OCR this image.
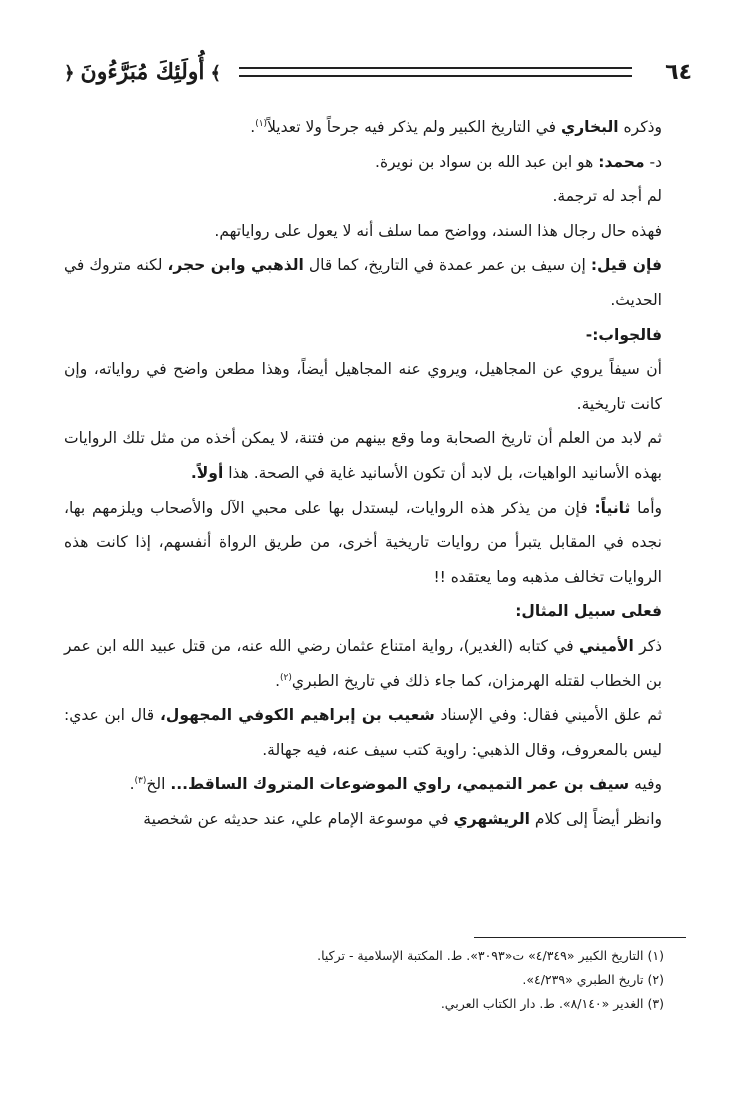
٦٤
﴿ أُولَئِكَ مُبَرَّءُونَ ﴾

وذكره البخاري في التاريخ الكبير ولم يذكر فيه جرحاً ولا تعديلاً$^{(١)}$.

د- محمد: هو ابن عبد الله بن سواد بن نويرة.

لم أجد له ترجمة.

فهذه حال رجال هذا السند، وواضح مما سلف أنه لا يعول على رواياتهم.

فإن قيل: إن سيف بن عمر عمدة في التاريخ، كما قال الذهبي وابن حجر، لكنه متروك في الحديث.

فالجواب:-

أن سيفاً يروي عن المجاهيل، ويروي عنه المجاهيل أيضاً، وهذا مطعن واضح في رواياته، وإن كانت تاريخية.

ثم لابد من العلم أن تاريخ الصحابة وما وقع بينهم من فتنة، لا يمكن أخذه من مثل تلك الروايات بهذه الأسانيد الواهيات، بل لابد أن تكون الأسانيد غاية في الصحة. هذا أولاً.

وأما ثانياً: فإن من يذكر هذه الروايات، ليستدل بها على محبي الآل والأصحاب ويلزمهم بها، نجده في المقابل يتبرأ من روايات تاريخية أخرى، من طريق الرواة أنفسهم، إذا كانت هذه الروايات تخالف مذهبه وما يعتقده !!

فعلى سبيل المثال:

ذكر الأميني في كتابه (الغدير)، رواية امتناع عثمان رضي الله عنه، من قتل عبيد الله ابن عمر بن الخطاب لقتله الهرمزان، كما جاء ذلك في تاريخ الطبري$^{(٢)}$.

ثم علق الأميني فقال: وفي الإسناد شعيب بن إبراهيم الكوفي المجهول، قال ابن عدي: ليس بالمعروف، وقال الذهبي: راوية كتب سيف عنه، فيه جهالة.

وفيه سيف بن عمر التميمي، راوي الموضوعات المتروك الساقط... الخ$^{(٣)}$.

وانظر أيضاً إلى كلام الريشهري في موسوعة الإمام علي، عند حديثه عن شخصية

(١) التاريخ الكبير «٤/٣٤٩» ت«٣٠٩٣». ط. المكتبة الإسلامية - تركيا.

(٢) تاريخ الطبري «٤/٢٣٩».

(٣) الغدير «٨/١٤٠». ط. دار الكتاب العربي.
